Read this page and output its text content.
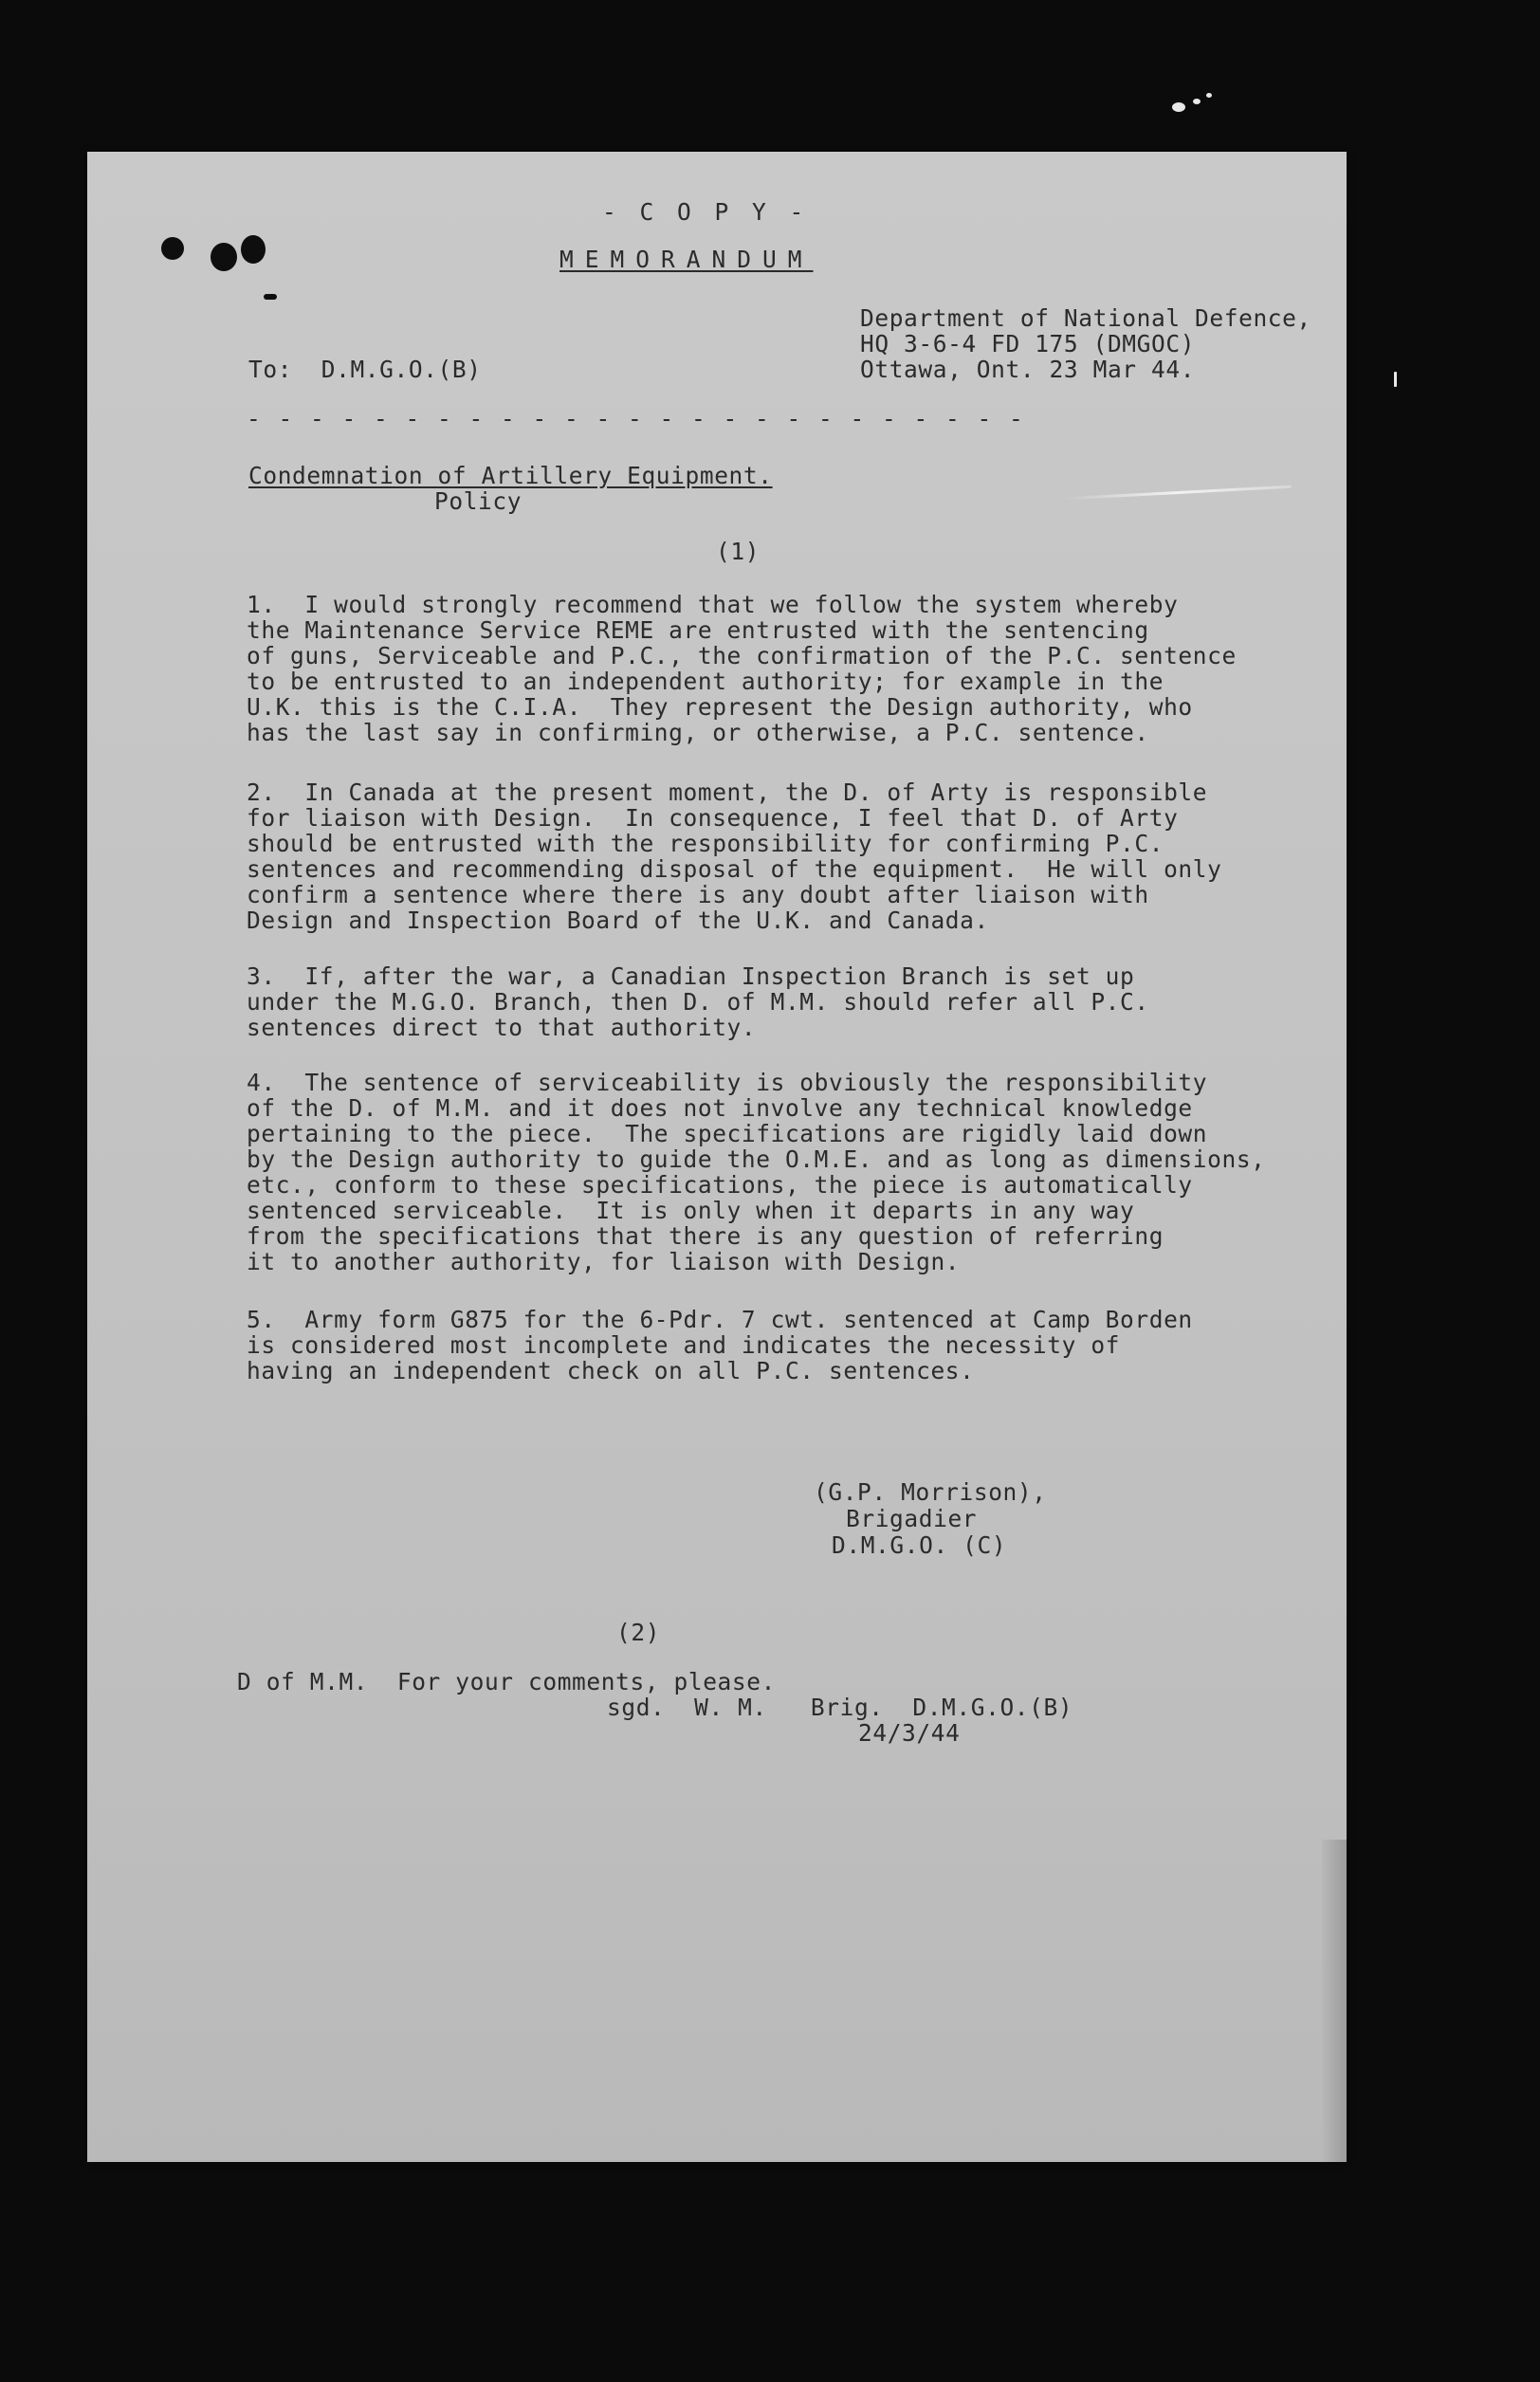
- C O P Y -
MEMORANDUM
Department of National Defence,
HQ 3-6-4 FD 175 (DMGOC)
Ottawa, Ont. 23 Mar 44.
To:  D.M.G.O.(B)
- - - - - - - - - - - - - - - - - - - - - - - - -
Condemnation of Artillery Equipment.
Policy
(1)
1.  I would strongly recommend that we follow the system whereby
the Maintenance Service REME are entrusted with the sentencing
of guns, Serviceable and P.C., the confirmation of the P.C. sentence
to be entrusted to an independent authority; for example in the
U.K. this is the C.I.A.  They represent the Design authority, who
has the last say in confirming, or otherwise, a P.C. sentence.
2.  In Canada at the present moment, the D. of Arty is responsible
for liaison with Design.  In consequence, I feel that D. of Arty
should be entrusted with the responsibility for confirming P.C.
sentences and recommending disposal of the equipment.  He will only
confirm a sentence where there is any doubt after liaison with
Design and Inspection Board of the U.K. and Canada.
3.  If, after the war, a Canadian Inspection Branch is set up
under the M.G.O. Branch, then D. of M.M. should refer all P.C.
sentences direct to that authority.
4.  The sentence of serviceability is obviously the responsibility
of the D. of M.M. and it does not involve any technical knowledge
pertaining to the piece.  The specifications are rigidly laid down
by the Design authority to guide the O.M.E. and as long as dimensions,
etc., conform to these specifications, the piece is automatically
sentenced serviceable.  It is only when it departs in any way
from the specifications that there is any question of referring
it to another authority, for liaison with Design.
5.  Army form G875 for the 6-Pdr. 7 cwt. sentenced at Camp Borden
is considered most incomplete and indicates the necessity of
having an independent check on all P.C. sentences.
(G.P. Morrison),
Brigadier
D.M.G.O. (C)
(2)
D of M.M.  For your comments, please.
sgd.  W. M.   Brig.  D.M.G.O.(B)
24/3/44
